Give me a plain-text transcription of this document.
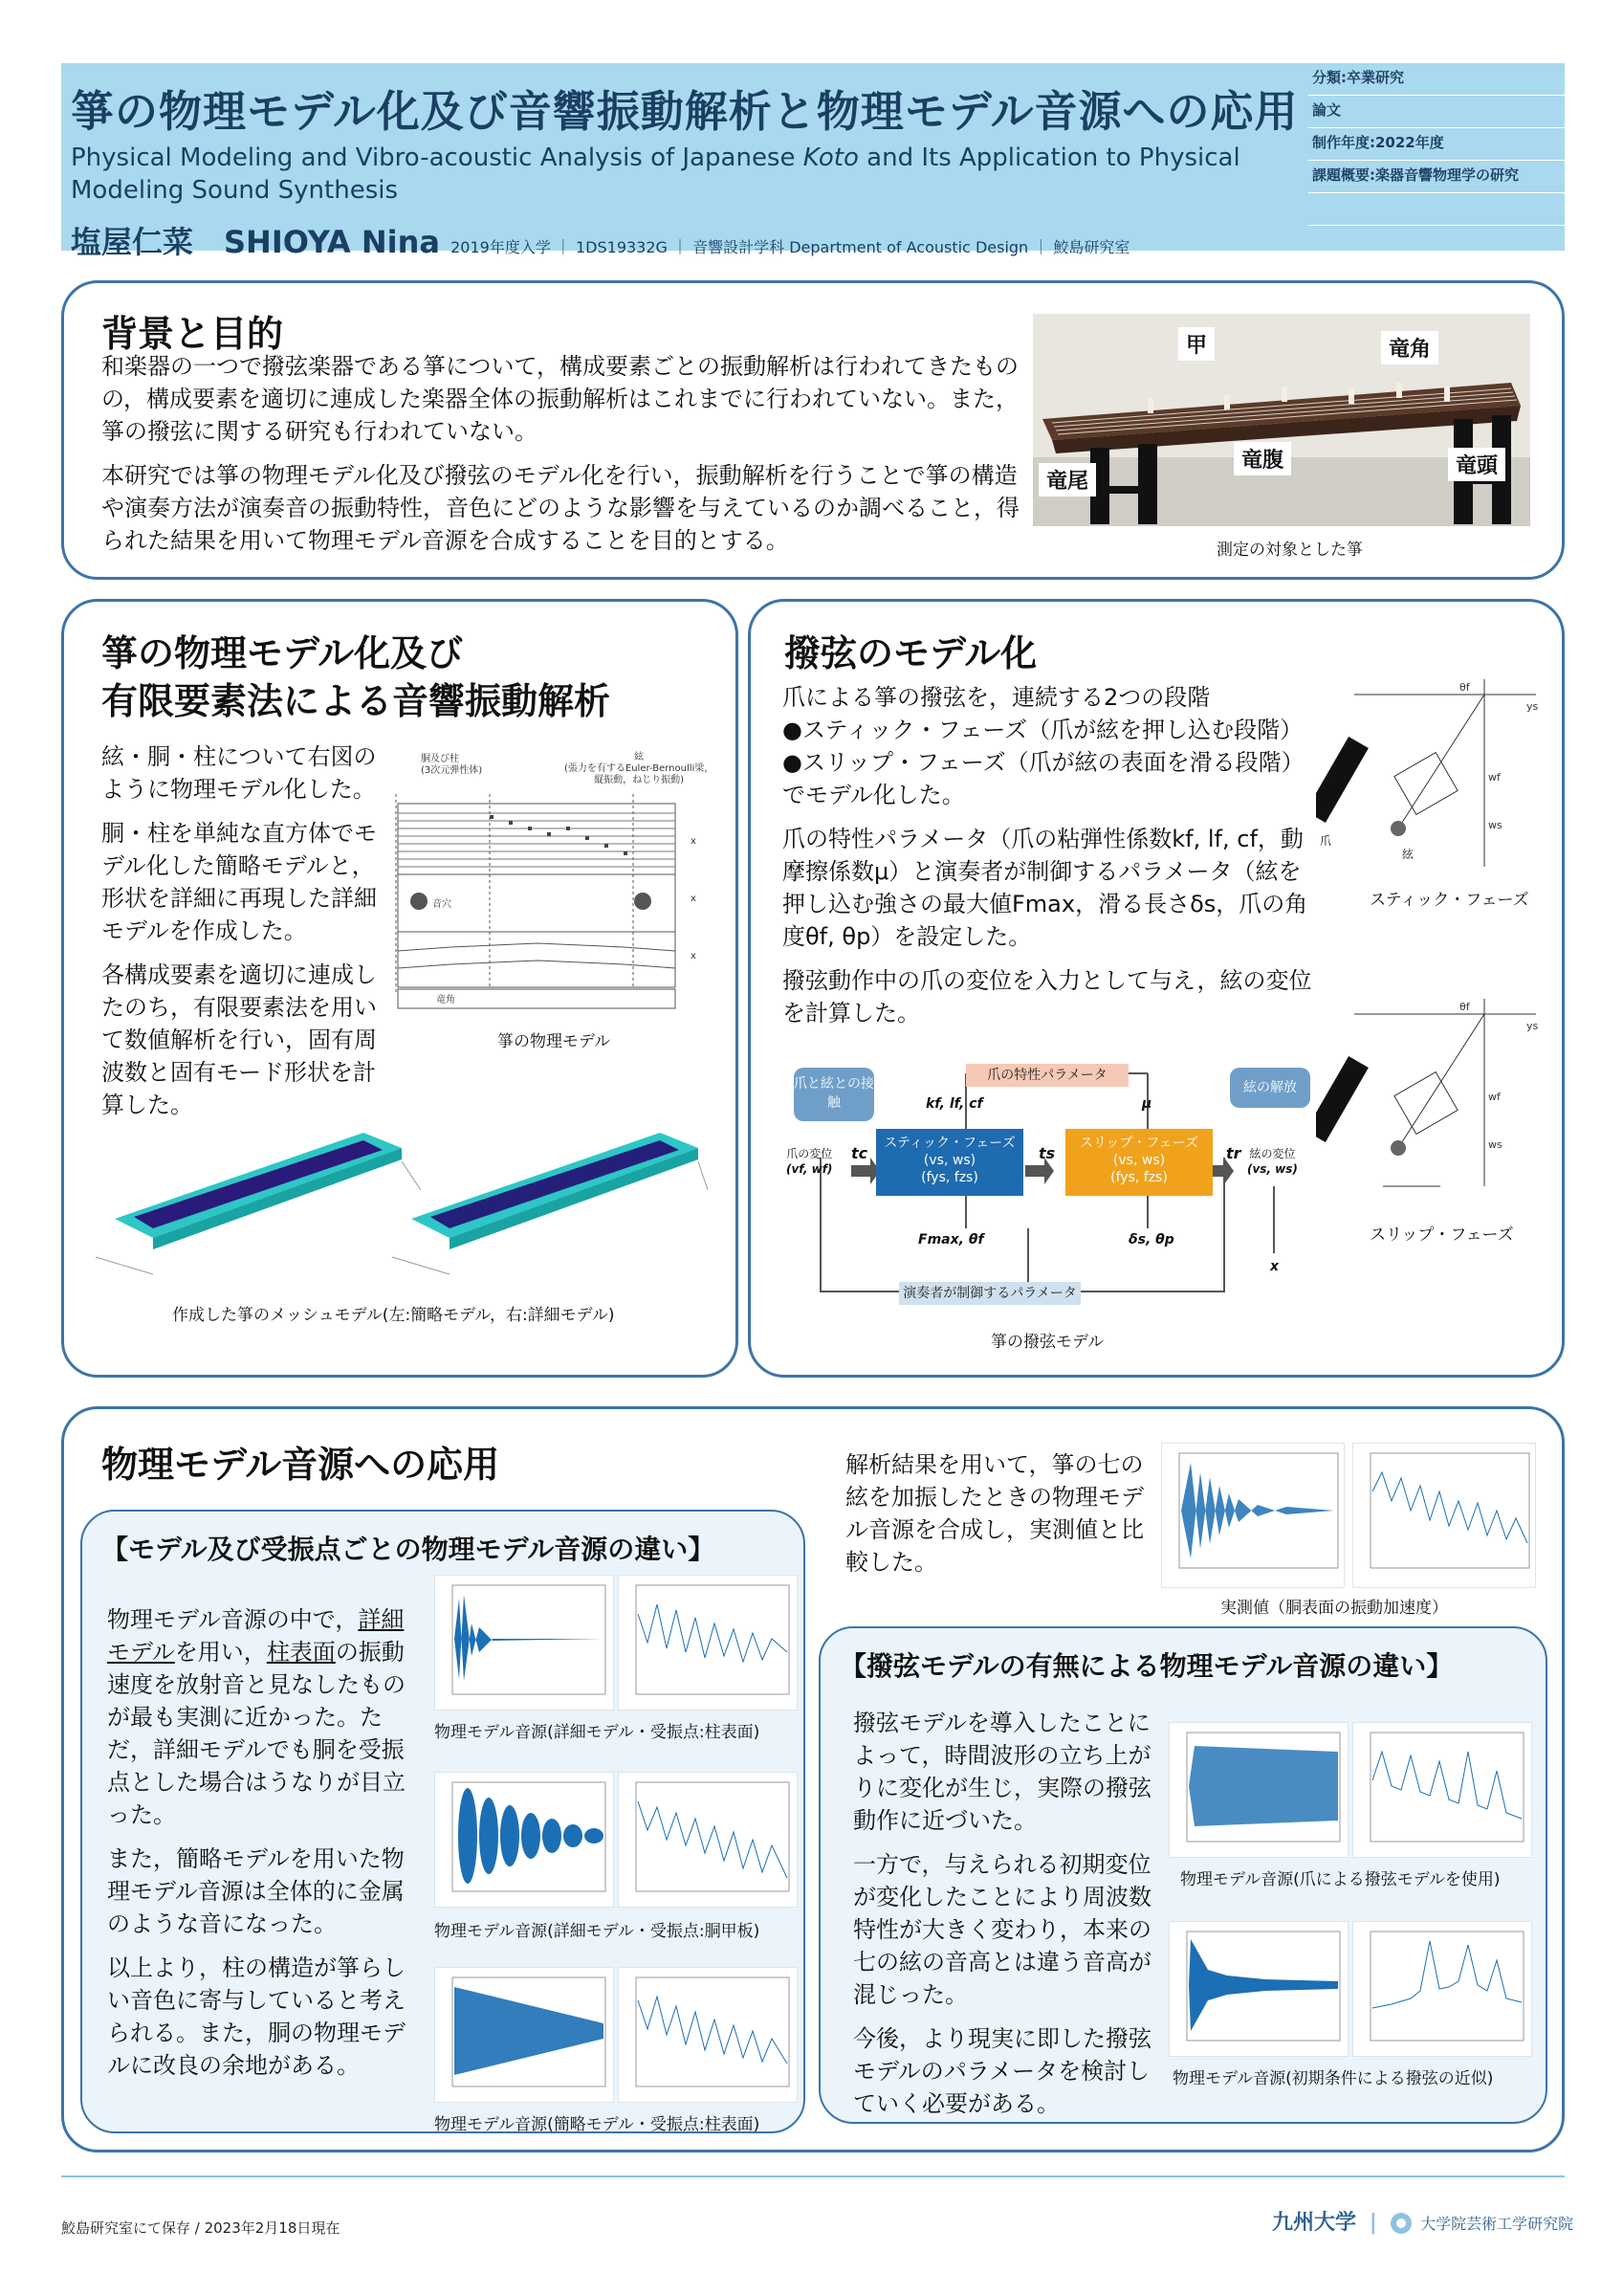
箏の物理モデル化及び音響振動解析と物理モデル音源への応用
Physical Modeling and Vibro-acoustic Analysis of Japanese Koto and Its Application to Physical Modeling Sound Synthesis
塩屋仁菜　SHIOYA Nina 2019年度入学 ｜ 1DS19332G ｜ 音響設計学科 Department of Acoustic Design ｜ 鮫島研究室
分類:卒業研究
論文
制作年度:2022年度
課題概要:楽器音響物理学の研究
背景と目的

和楽器の一つで撥弦楽器である箏について，構成要素ごとの振動解析は行われてきたものの，構成要素を適切に連成した楽器全体の振動解析はこれまでに行われていない。また，箏の撥弦に関する研究も行われていない。

本研究では箏の物理モデル化及び撥弦のモデル化を行い，振動解析を行うことで箏の構造や演奏方法が演奏音の振動特性，音色にどのような影響を与えているのか調べること，得られた結果を用いて物理モデル音源を合成することを目的とする。

甲	竜角
竜腹
竜尾
竜頭
測定の対象とした箏
箏の物理モデル化及び
有限要素法による音響振動解析

絃・胴・柱について右図のように物理モデル化した。

胴・柱を単純な直方体でモデル化した簡略モデルと，形状を詳細に再現した詳細モデルを作成した。

各構成要素を適切に連成したのち，有限要素法を用いて数値解析を行い，固有周波数と固有モード形状を計算した。

x
x
x
胴及び柱
(3次元弾性体)
絃
(張力を有するEuler-Bernoulli梁，
縦振動，ねじり振動)
音穴
竜角
箏の物理モデル
作成した箏のメッシュモデル(左:簡略モデル，右:詳細モデル)
撥弦のモデル化
爪による箏の撥弦を，連続する2つの段階
●スティック・フェーズ（爪が絃を押し込む段階）
●スリップ・フェーズ（爪が絃の表面を滑る段階）

でモデル化した。

爪の特性パラメータ（爪の粘弾性係数kf, lf, cf，動摩擦係数μ）と演奏者が制御するパラメータ（絃を押し込む強さの最大値Fmax，滑る長さδs，爪の角度θf, θp）を設定した。

撥弦動作中の爪の変位を入力として与え，絃の変位を計算した。

θf
ys
wf
ws
爪
絃
スティック・フェーズ
θf
ys
wf
ws
スリップ・フェーズ
爪と絃との接触
絃の解放
爪の特性パラメータ
演奏者が制御するパラメータ
スティック・フェーズ
(vs, ws)
(fys, fzs)
スリップ・フェーズ
(vs, ws)
(fys, fzs)
爪の変位
(vf, wf)
絃の変位
(vs, ws)
tc	ts	tr
kf, lf, cf	μ
Fmax, θf	δs, θp
x
箏の撥弦モデル
物理モデル音源への応用	解析結果を用いて，箏の七の絃を加振したときの物理モデル音源を合成し，実測値と比較した。
実測値（胴表面の振動加速度）
【モデル及び受振点ごとの物理モデル音源の違い】

物理モデル音源の中で，詳細モデルを用い，柱表面の振動速度を放射音と見なしたものが最も実測に近かった。ただ，詳細モデルでも胴を受振点とした場合はうなりが目立った。

また，簡略モデルを用いた物理モデル音源は全体的に金属のような音になった。

以上より，柱の構造が箏らしい音色に寄与していると考えられる。また，胴の物理モデルに改良の余地がある。

物理モデル音源(詳細モデル・受振点:柱表面)
物理モデル音源(詳細モデル・受振点:胴甲板)
物理モデル音源(簡略モデル・受振点:柱表面)
【撥弦モデルの有無による物理モデル音源の違い】

撥弦モデルを導入したことによって，時間波形の立ち上がりに変化が生じ，実際の撥弦動作に近づいた。

一方で，与えられる初期変位が変化したことにより周波数特性が大きく変わり，本来の七の絃の音高とは違う音高が混じった。

今後，より現実に即した撥弦モデルのパラメータを検討していく必要がある。

物理モデル音源(爪による撥弦モデルを使用)
物理モデル音源(初期条件による撥弦の近似)
鮫島研究室にて保存 / 2023年2月18日現在	九州大学 |	大学院芸術工学研究院
